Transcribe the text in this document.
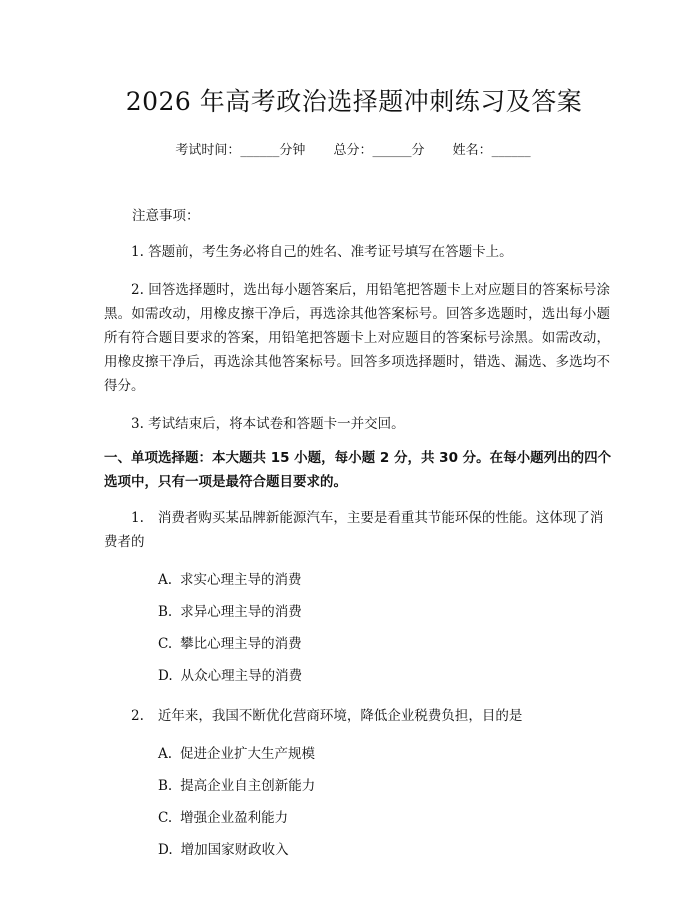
2026 年高考政治选择题冲刺练习及答案
考试时间：______分钟 总分：______分 姓名：______
注意事项：

1. 答题前，考生务必将自己的姓名、准考证号填写在答题卡上。

2. 回答选择题时，选出每小题答案后，用铅笔把答题卡上对应题目的答案标号涂黑。如需改动，用橡皮擦干净后，再选涂其他答案标号。回答多选题时，选出每小题所有符合题目要求的答案，用铅笔把答题卡上对应题目的答案标号涂黑。如需改动，用橡皮擦干净后，再选涂其他答案标号。回答多项选择题时，错选、漏选、多选均不得分。

3. 考试结束后，将本试卷和答题卡一并交回。

一、单项选择题：本大题共 15 小题，每小题 2 分，共 30 分。在每小题列出的四个选项中，只有一项是最符合题目要求的。

1. 消费者购买某品牌新能源汽车，主要是看重其节能环保的性能。这体现了消费者的

A. 求实心理主导的消费
B. 求异心理主导的消费
C. 攀比心理主导的消费
D. 从众心理主导的消费

2. 近年来，我国不断优化营商环境，降低企业税费负担，目的是

A. 促进企业扩大生产规模
B. 提高企业自主创新能力
C. 增强企业盈利能力
D. 增加国家财政收入
